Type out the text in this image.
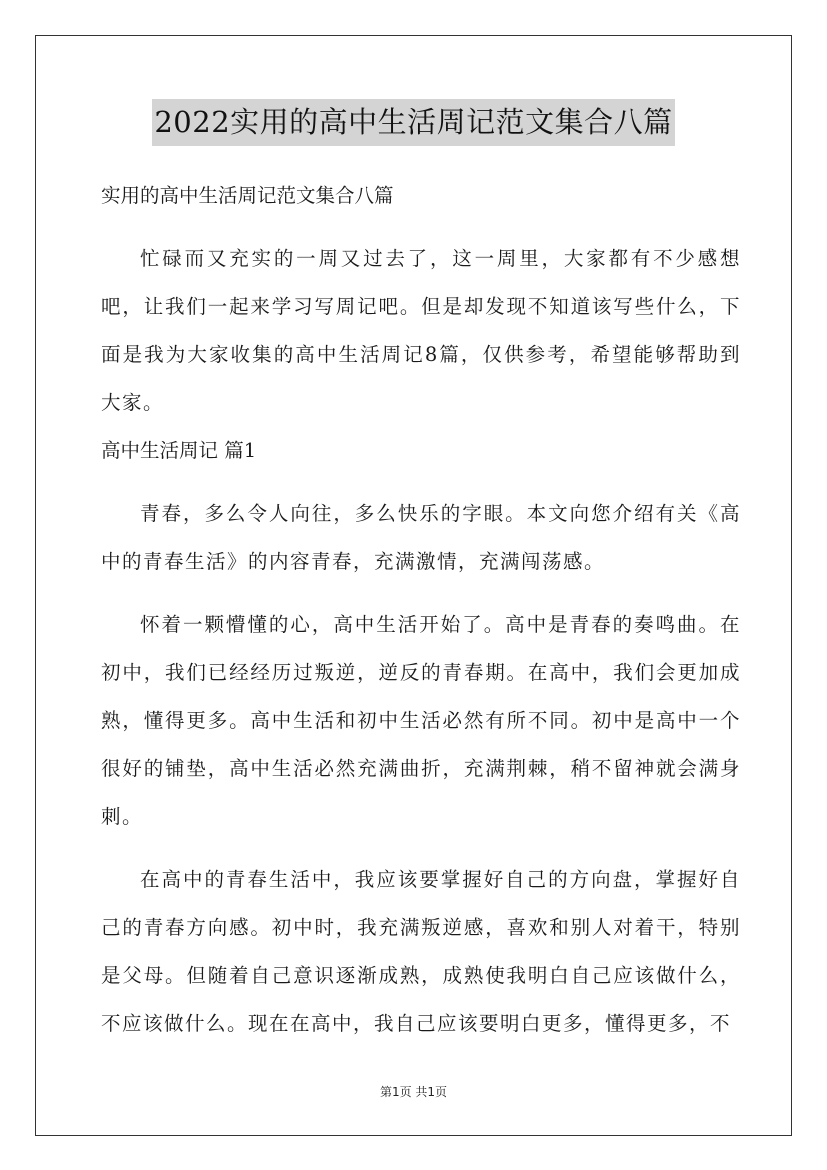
2022实用的高中生活周记范文集合八篇
实用的高中生活周记范文集合八篇

忙碌而又充实的一周又过去了，这一周里，大家都有不少感想吧，让我们一起来学习写周记吧。但是却发现不知道该写些什么，下面是我为大家收集的高中生活周记8篇，仅供参考，希望能够帮助到大家。

高中生活周记 篇1

青春，多么令人向往，多么快乐的字眼。本文向您介绍有关《高中的青春生活》的内容青春，充满激情，充满闯荡感。

怀着一颗懵懂的心，高中生活开始了。高中是青春的奏鸣曲。在初中，我们已经经历过叛逆，逆反的青春期。在高中，我们会更加成熟，懂得更多。高中生活和初中生活必然有所不同。初中是高中一个很好的铺垫，高中生活必然充满曲折，充满荆棘，稍不留神就会满身刺。

在高中的青春生活中，我应该要掌握好自己的方向盘，掌握好自己的青春方向感。初中时，我充满叛逆感，喜欢和别人对着干，特别是父母。但随着自己意识逐渐成熟，成熟使我明白自己应该做什么，不应该做什么。现在在高中，我自己应该要明白更多，懂得更多，不

第1页 共1页
